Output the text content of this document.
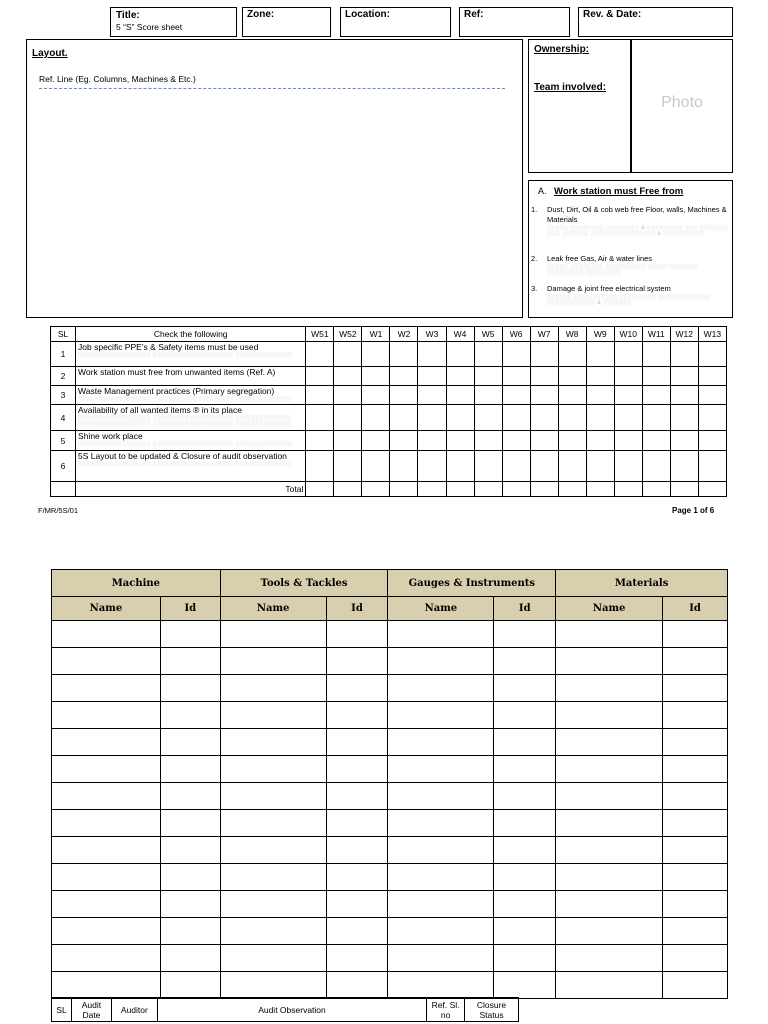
Title:
5 “S” Score sheet
Zone:	Location:	Ref:	Rev. & Date:
Layout.
Ref. Line (Eg. Columns, Machines & Etc.)
Ownership:
Team involved:
Photo
A. Work station must Free from
1. Dust, Dirt, Oil & cob web free Floor, walls, Machines & Materials
░░░░░, ░░░░░░░░, ░░░░░░░░ & ░░░░░░░░░ ░░░ ░░░░░░░ ░░░, ░░░░░░, ░░░░░░░░░░░░░░░░ & ░░░░░░░░░░
2. Leak free Gas, Air & water lines
░░░░░, ░░░░░░░░ ░░░░░░░░░░ ░░░░░ ░░░░░░░ ░░░░░░░░░ ░░░░░░░░░
3. Damage & joint free electrical system
░░░░░░ ░░░░░░░░░░░ ░░░░░░░░░ ░░░░░░░░░░░░░ ░░░░░░░░░░░░ & ░░░░░░░
SL	Check the following	W51	W52	W1	W2	W3	W4	W5	W6	W7	W8	W9	W10	W11	W12	W13
1	Job specific PPE’s & Safety items must be used
░░░░░░░░░░░░░░░░░░ ░░░░░░░░░░░░░░░░░░░░ ░░░░░░░░░░░░░░															

2	Work station must free from unwanted items (Ref. A)															

3	Waste Management practices (Primary segregation)
░░░░░░░░░░░░░░░░░░ ░░░░░░░░░░░░░░░░░░░░ ░░░░░░░░░░░░░░															

4	Availability of all wanted items ® in its place
░░░░░░░░░░░░░░░░░░ ░░░░░░░░░░░░░░░░░░░░ ░░░░░░░░░░░░░░
░░░░░░░░░░░░░░░░░░ ░░░░░░░░░░░░░░░░░░░░ ░░░░░░░░░░░░░░															

5	Shine work place
░░░░░░░░░░░░░░░░░░ ░░░░░░░░░░░░░░░░░░░░ ░░░░░░░░░░░░░░															

6	5S Layout to be updated & Closure of audit observation
░░░░░░░░░░░░░░░░░░ ░░░░░░░░░░░░░░░░░░░░ ░░░░░░░░░░░░░░															

	Total															
F/MR/5S/01	Page 1 of 6
Machine		Tools & Tackles		Gauges & Instruments		Materials	
Name	Id	Name	Id	Name	Id	Name	Id

SL	Audit Date	Auditor	Audit Observation	Ref. Sl. no	Closure Status
